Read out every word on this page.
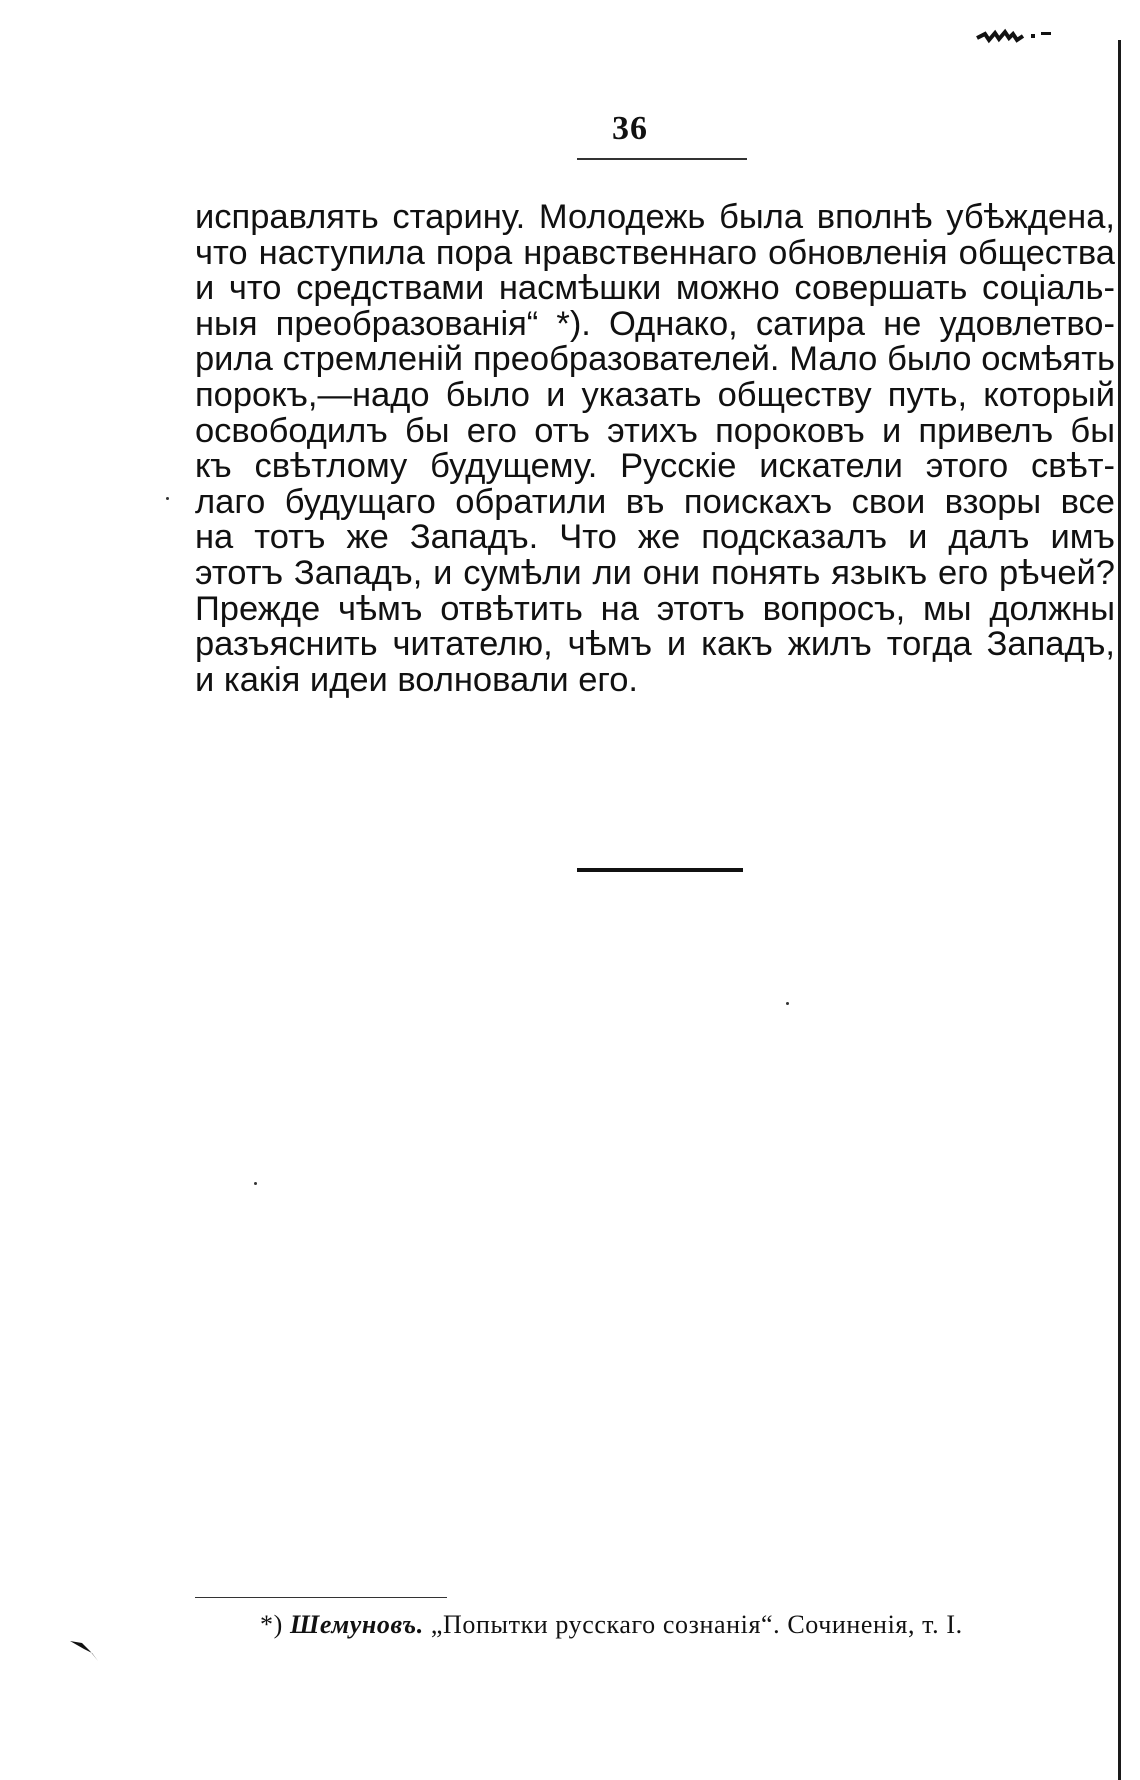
36
исправлять старину. Молодежь была вполнѣ убѣждена,
что наступила пора нравственнаго обновленія общества
и что средствами насмѣшки можно совершать соціаль-
ныя преобразованія“ *). Однако, сатира не удовлетво-
рила стремленій преобразователей. Мало было осмѣять
порокъ,—надо было и указать обществу путь, который
освободилъ бы его отъ этихъ пороковъ и привелъ бы
къ свѣтлому будущему. Русскіе искатели этого свѣт-
лаго будущаго обратили въ поискахъ свои взоры все
на тотъ же Западъ. Что же подсказалъ и далъ имъ
этотъ Западъ, и сумѣли ли они понять языкъ его рѣчей?
Прежде чѣмъ отвѣтить на этотъ вопросъ, мы должны
разъяснить читателю, чѣмъ и какъ жилъ тогда Западъ,
и какія идеи волновали его.
*) Шемуновъ. „Попытки русскаго сознанія“. Сочиненія, т. I.
